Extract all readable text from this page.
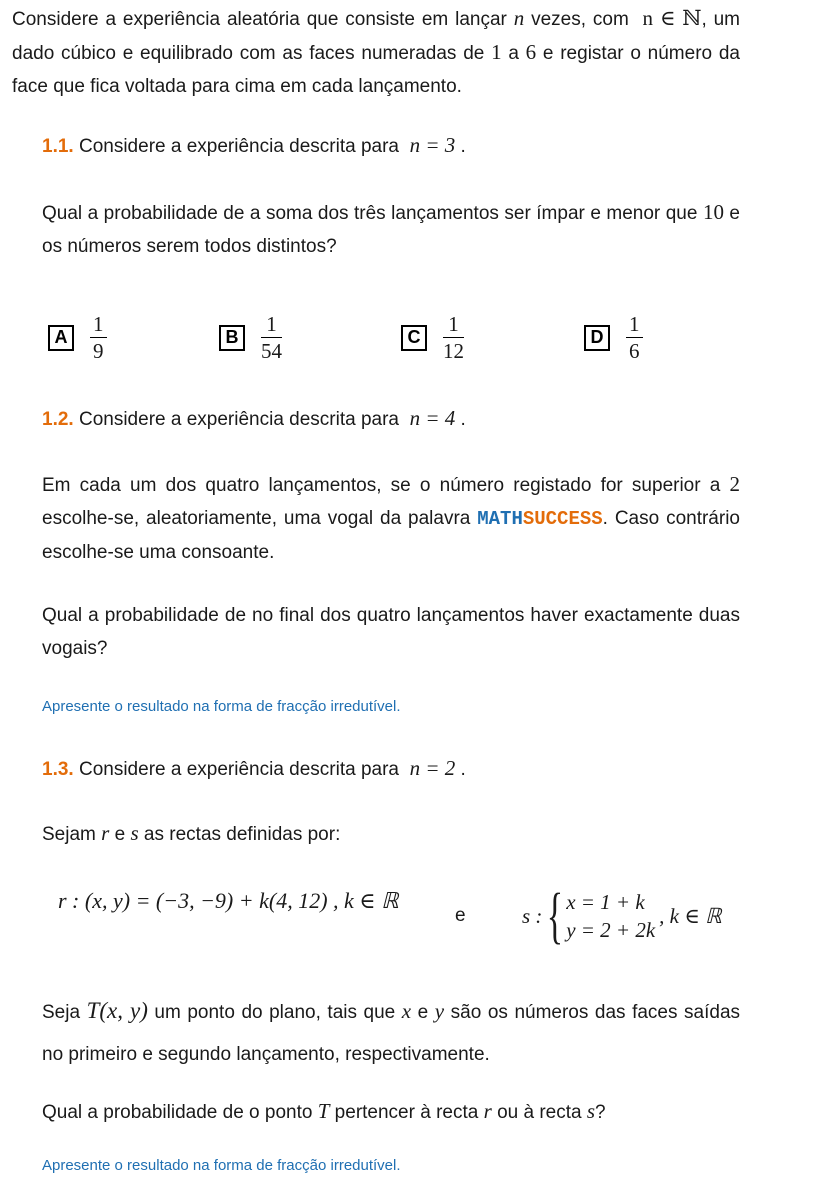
Considere a experiência aleatória que consiste em lançar n vezes, com  n ∈ ℕ, um dado cúbico e equilibrado com as faces numeradas de 1 a 6 e registar o número da face que fica voltada para cima em cada lançamento.
1.1. Considere a experiência descrita para  n = 3 .
Qual a probabilidade de a soma dos três lançamentos ser ímpar e menor que 10 e os números serem todos distintos?
A	$\frac{1}{9}$	B	$\frac{1}{54}$	C	$\frac{1}{12}$	D	$\frac{1}{6}$
1.2. Considere a experiência descrita para  n = 4 .
Em cada um dos quatro lançamentos, se o número registado for superior a 2 escolhe-se, aleatoriamente, uma vogal da palavra MATHSUCCESS. Caso contrário escolhe-se uma consoante.
Qual a probabilidade de no final dos quatro lançamentos haver exactamente duas vogais?
Apresente o resultado na forma de fracção irredutível.
1.3. Considere a experiência descrita para  n = 2 .
Sejam r e s as rectas definidas por:
r : (x, y) = (−3, −9) + k(4, 12) , k ∈ ℝ
e	s : { x = 1 + k
y = 2 + 2k
, k ∈ ℝ
Seja T(x, y) um ponto do plano, tais que x e y são os números das faces saídas no primeiro e segundo lançamento, respectivamente.
Qual a probabilidade de o ponto T pertencer à recta r ou à recta s?
Apresente o resultado na forma de fracção irredutível.
